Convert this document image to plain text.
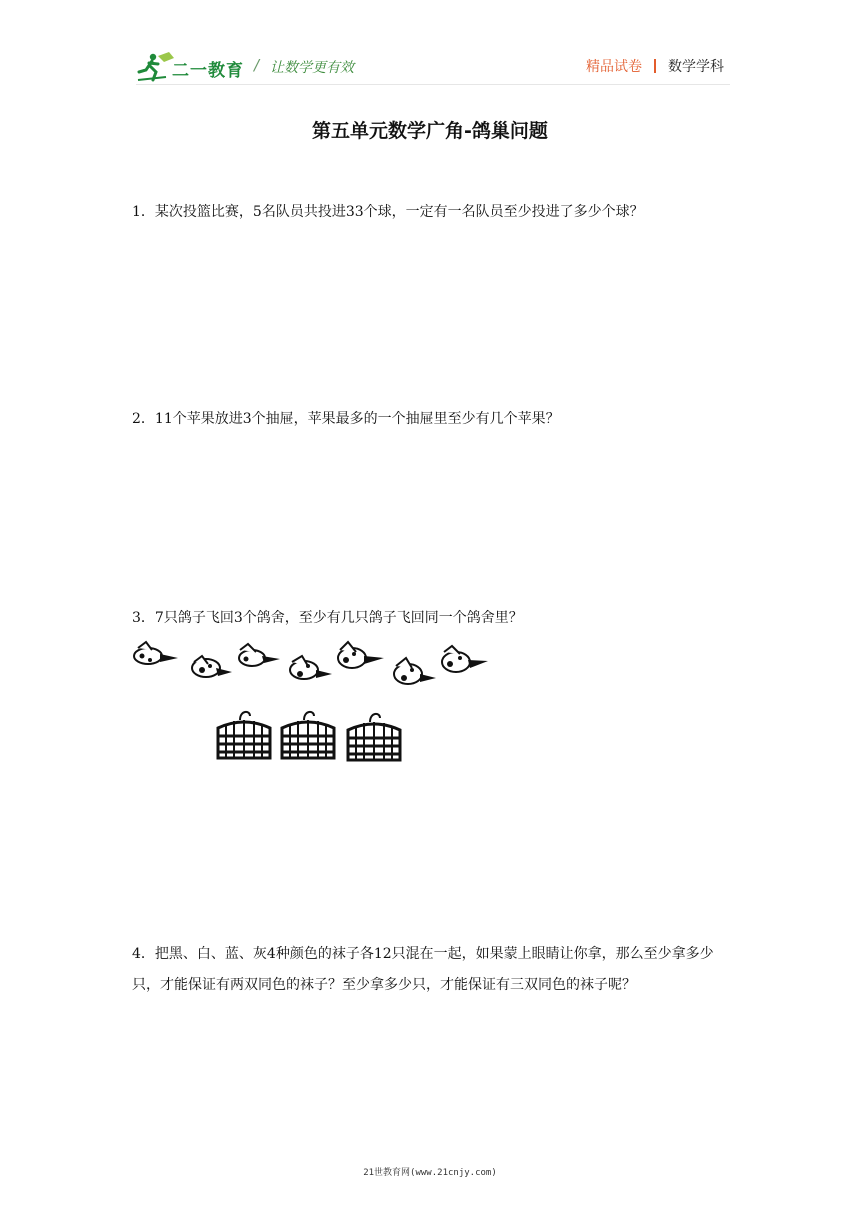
二一教育 / 让数学更有效	精品试卷 数学学科
第五单元数学广角-鸽巢问题
1．某次投篮比赛，5名队员共投进33个球，一定有一名队员至少投进了多少个球？
2．11个苹果放进3个抽屉，苹果最多的一个抽屉里至少有几个苹果？
3．7只鸽子飞回3个鸽舍，至少有几只鸽子飞回同一个鸽舍里？
4．把黑、白、蓝、灰4种颜色的袜子各12只混在一起，如果蒙上眼睛让你拿，那么至少拿多少只，才能保证有两双同色的袜子？至少拿多少只，才能保证有三双同色的袜子呢？
21世教育网(www.21cnjy.com)
